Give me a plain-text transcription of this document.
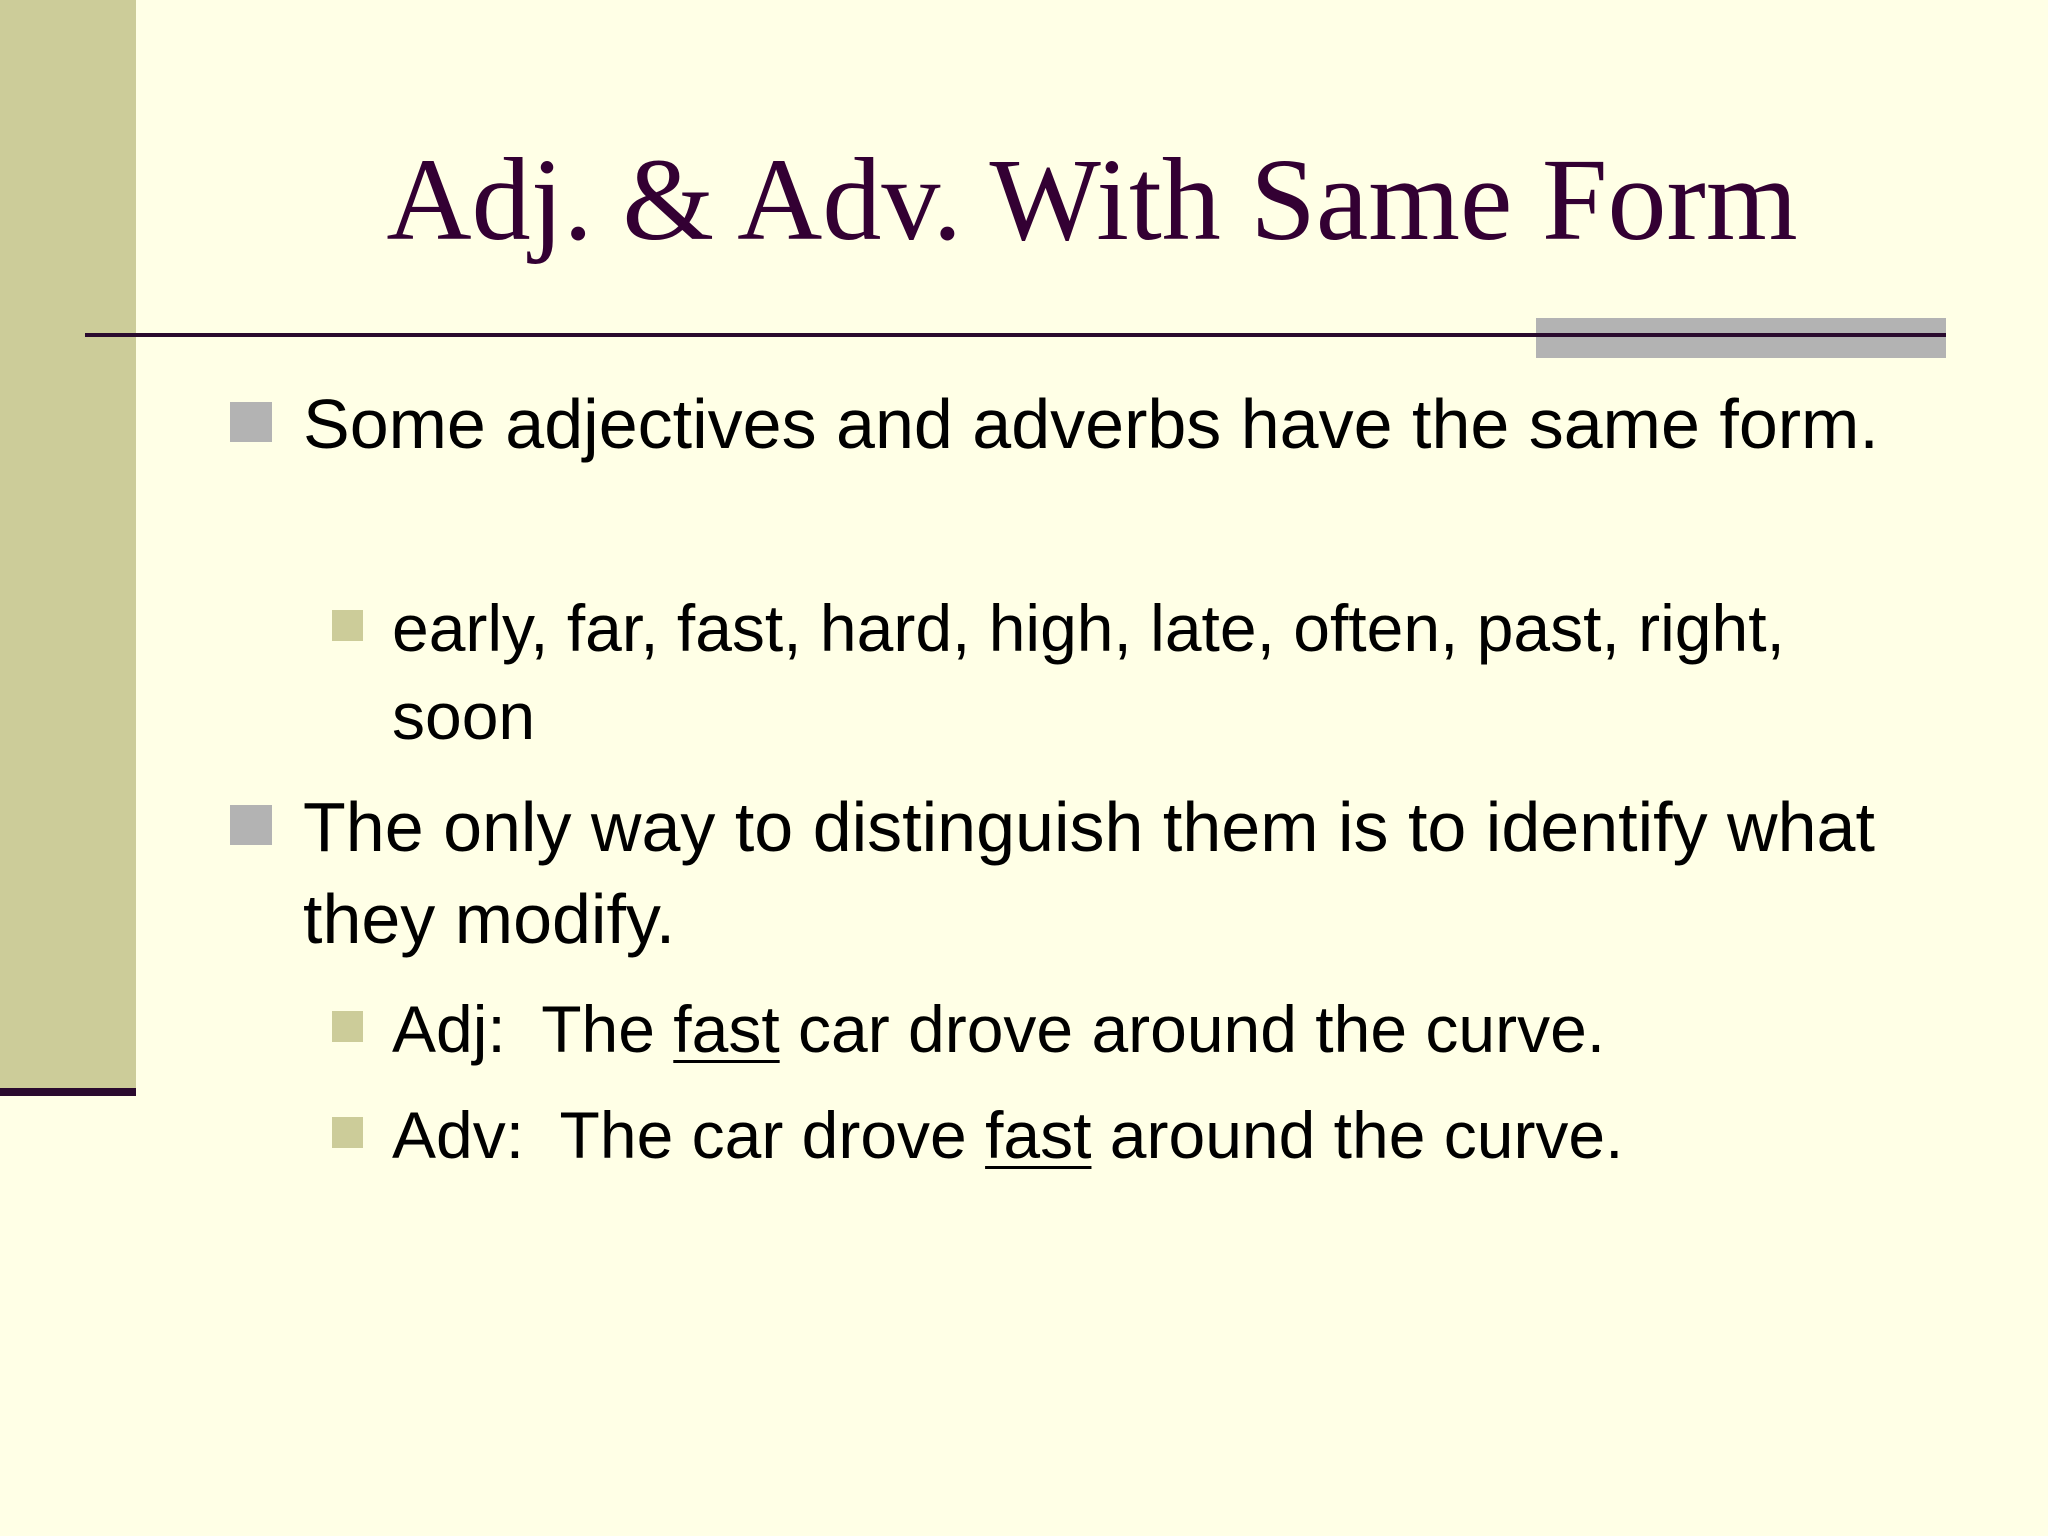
Adj. & Adv. With Same Form
Some adjectives and adverbs have the same form.
early, far, fast, hard, high, late, often, past, right, soon
The only way to distinguish them is to identify what they modify.
Adj:  The fast car drove around the curve.
Adv:  The car drove fast around the curve.
